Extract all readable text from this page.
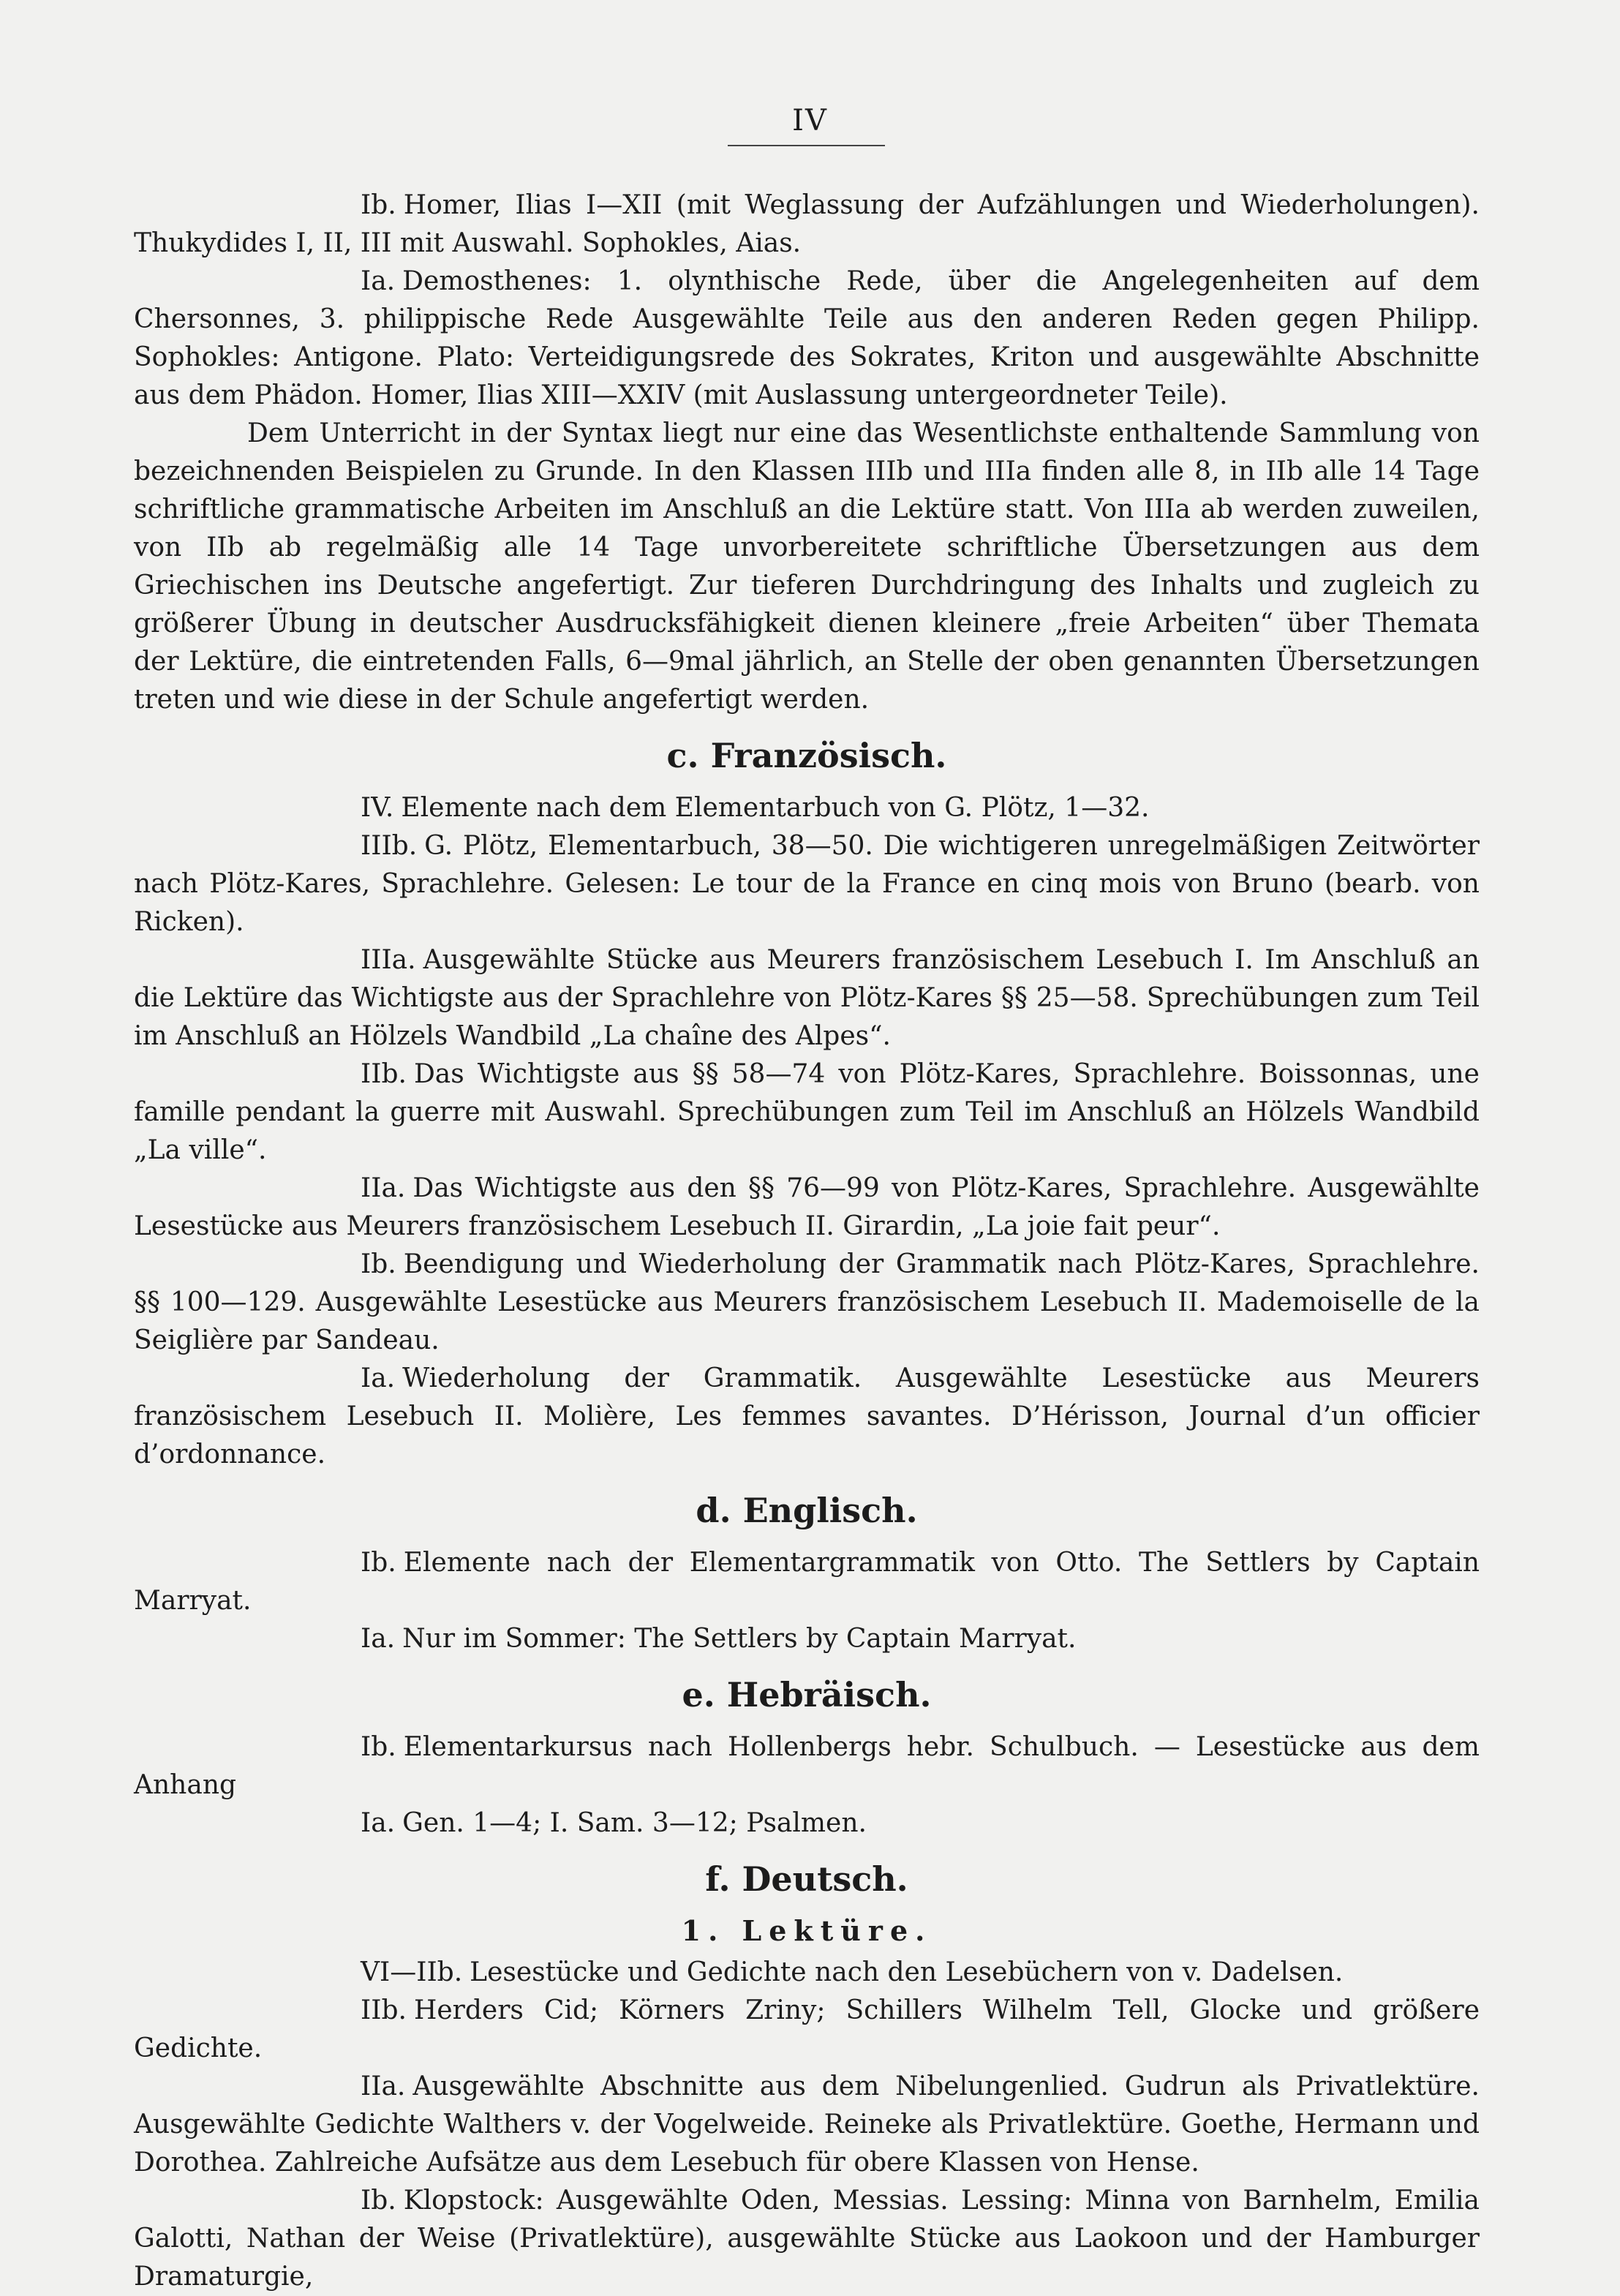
IV

Ib. Homer, Ilias I—XII (mit Weglassung der Aufzählungen und Wiederholungen). Thukydides I, II, III mit Auswahl. Sophokles, Aias.

Ia. Demosthenes: 1. olynthische Rede, über die Angelegenheiten auf dem Chersonnes, 3. philippische Rede Ausgewählte Teile aus den anderen Reden gegen Philipp. Sophokles: Antigone. Plato: Verteidigungsrede des Sokrates, Kriton und ausgewählte Abschnitte aus dem Phädon. Homer, Ilias XIII—XXIV (mit Auslassung untergeordneter Teile).

Dem Unterricht in der Syntax liegt nur eine das Wesentlichste enthaltende Sammlung von bezeichnenden Beispielen zu Grunde. In den Klassen IIIb und IIIa finden alle 8, in IIb alle 14 Tage schriftliche grammatische Arbeiten im Anschluß an die Lektüre statt. Von IIIa ab werden zuweilen, von IIb ab regelmäßig alle 14 Tage unvorbereitete schriftliche Übersetzungen aus dem Griechischen ins Deutsche angefertigt. Zur tieferen Durchdringung des Inhalts und zugleich zu größerer Übung in deutscher Ausdrucksfähigkeit dienen kleinere „freie Arbeiten“ über Themata der Lektüre, die eintretenden Falls, 6—9mal jährlich, an Stelle der oben genannten Übersetzungen treten und wie diese in der Schule angefertigt werden.

c. Französisch.

IV. Elemente nach dem Elementarbuch von G. Plötz, 1—32.

IIIb. G. Plötz, Elementarbuch, 38—50. Die wichtigeren unregelmäßigen Zeitwörter nach Plötz-Kares, Sprachlehre. Gelesen: Le tour de la France en cinq mois von Bruno (bearb. von Ricken).

IIIa. Ausgewählte Stücke aus Meurers französischem Lesebuch I. Im Anschluß an die Lektüre das Wichtigste aus der Sprachlehre von Plötz-Kares §§ 25—58. Sprechübungen zum Teil im Anschluß an Hölzels Wandbild „La chaîne des Alpes“.

IIb. Das Wichtigste aus §§ 58—74 von Plötz-Kares, Sprachlehre. Boissonnas, une famille pendant la guerre mit Auswahl. Sprechübungen zum Teil im Anschluß an Hölzels Wandbild „La ville“.

IIa. Das Wichtigste aus den §§ 76—99 von Plötz-Kares, Sprachlehre. Ausgewählte Lesestücke aus Meurers französischem Lesebuch II. Girardin, „La joie fait peur“.

Ib. Beendigung und Wiederholung der Grammatik nach Plötz-Kares, Sprachlehre. §§ 100—129. Ausgewählte Lesestücke aus Meurers französischem Lesebuch II. Mademoiselle de la Seiglière par Sandeau.

Ia. Wiederholung der Grammatik. Ausgewählte Lesestücke aus Meurers französischem Lesebuch II. Molière, Les femmes savantes. D’Hérisson, Journal d’un officier d’ordonnance.

d. Englisch.

Ib. Elemente nach der Elementargrammatik von Otto. The Settlers by Captain Marryat.

Ia. Nur im Sommer: The Settlers by Captain Marryat.

e. Hebräisch.

Ib. Elementarkursus nach Hollenbergs hebr. Schulbuch. — Lesestücke aus dem Anhang

Ia. Gen. 1—4; I. Sam. 3—12; Psalmen.

f. Deutsch.
1. Lektüre.

VI—IIb. Lesestücke und Gedichte nach den Lesebüchern von v. Dadelsen.

IIb. Herders Cid; Körners Zriny; Schillers Wilhelm Tell, Glocke und größere Gedichte.

IIa. Ausgewählte Abschnitte aus dem Nibelungenlied. Gudrun als Privatlektüre. Ausgewählte Gedichte Walthers v. der Vogelweide. Reineke als Privatlektüre. Goethe, Hermann und Dorothea. Zahlreiche Aufsätze aus dem Lesebuch für obere Klassen von Hense.

Ib. Klopstock: Ausgewählte Oden, Messias. Lessing: Minna von Barnhelm, Emilia Galotti, Nathan der Weise (Privatlektüre), ausgewählte Stücke aus Laokoon und der Hamburger Dramaturgie,
